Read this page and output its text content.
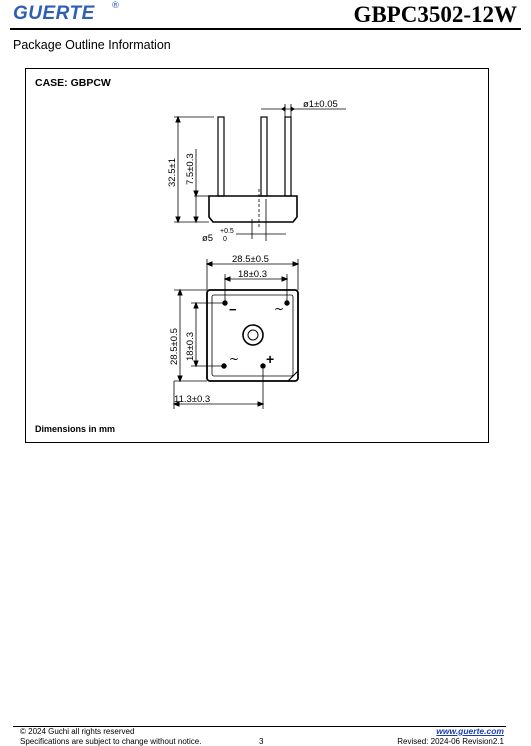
GUERTE ®	GBPC3502-12W
Package Outline Information
CASE: GBPCW
ø1±0.05
32.5±1 7.5±0.3
ø5
+0.5
0
28.5±0.5
18±0.3
28.5±0.5 18±0.3
11.3±0.3
−	~
~ +
Dimensions in mm
© 2024 Guchi all rights reserved
Specifications are subject to change without notice.	3
www.guerte.com
Revised: 2024-06 Revision2.1
